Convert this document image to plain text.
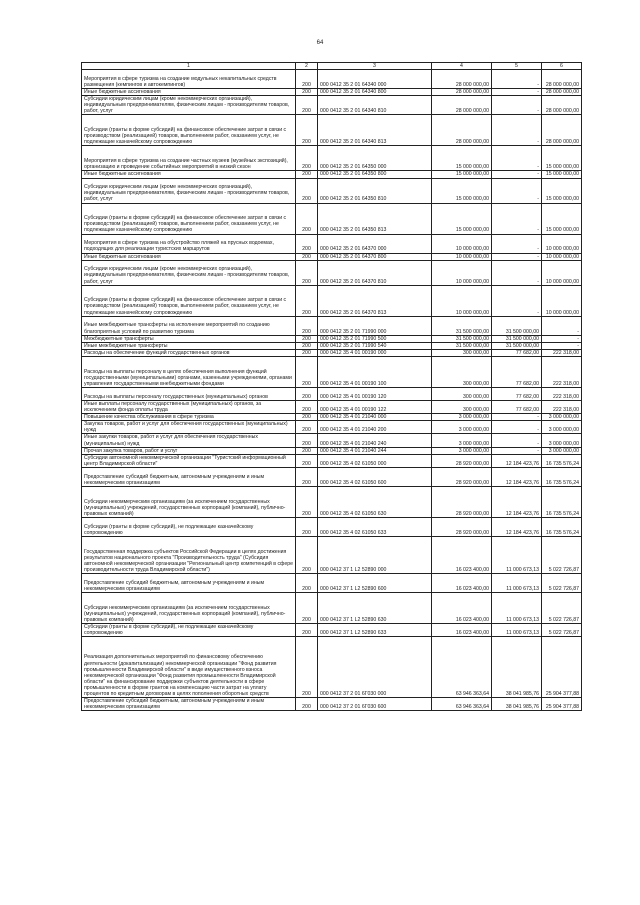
64
1	2	3	4	5	6
Мероприятия в сфере туризма на создание модульных некапитальных средств размещения (кемпингов и автокемпингов)	200	000 0412 35 2 01 64340 000	28 000 000,00	-	28 000 000,00
Иные бюджетные ассигнования	200	000 0412 35 2 01 64340 800	28 000 000,00	-	28 000 000,00
Субсидии юридическим лицам (кроме некоммерческих организаций), индивидуальным предпринимателям, физическим лицам - производителям товаров, работ, услуг	200	000 0412 35 2 01 64340 810	28 000 000,00	-	28 000 000,00
Субсидии (гранты в форме субсидий) на финансовое обеспечение затрат в связи с производством (реализацией) товаров, выполнением работ, оказанием услуг, не подлежащие казначейскому сопровождению	200	000 0412 35 2 01 64340 813	28 000 000,00	-	28 000 000,00
Мероприятия в сфере туризма на создание частных музеев (музейных экспозиций), организацию и проведение событийных мероприятий в низкий сезон	200	000 0412 35 2 01 64350 000	15 000 000,00	-	15 000 000,00
Иные бюджетные ассигнования	200	000 0412 35 2 01 64350 800	15 000 000,00	-	15 000 000,00
Субсидии юридическим лицам (кроме некоммерческих организаций), индивидуальным предпринимателям, физическим лицам - производителям товаров, работ, услуг	200	000 0412 35 2 01 64350 810	15 000 000,00	-	15 000 000,00
Субсидии (гранты в форме субсидий) на финансовое обеспечение затрат в связи с производством (реализацией) товаров, выполнением работ, оказанием услуг, не подлежащие казначейскому сопровождению	200	000 0412 35 2 01 64350 813	15 000 000,00	-	15 000 000,00
Мероприятия в сфере туризма на обустройство пляжей на прусных водоемах, подходящих для реализации туристских маршрутов	200	000 0412 35 2 01 64370 000	10 000 000,00	-	10 000 000,00
Иные бюджетные ассигнования	200	000 0412 35 2 01 64370 800	10 000 000,00	-	10 000 000,00
Субсидии юридическим лицам (кроме некоммерческих организаций), индивидуальным предпринимателям, физическим лицам - производителям товаров, работ, услуг	200	000 0412 35 2 01 64370 810	10 000 000,00	-	10 000 000,00
Субсидии (гранты в форме субсидий) на финансовое обеспечение затрат в связи с производством (реализацией) товаров, выполнением работ, оказанием услуг, не подлежащие казначейскому сопровождению	200	000 0412 35 2 01 64370 813	10 000 000,00	-	10 000 000,00
Иные межбюджетные трансферты на исполнение мероприятий по созданию благоприятных условий по развитию туризма	200	000 0412 35 2 01 71990 000	31 500 000,00	31 500 000,00	-
Межбюджетные трансферты	200	000 0412 35 2 01 71990 500	31 500 000,00	31 500 000,00	-
Иные межбюджетные трансферты	200	000 0412 35 2 01 71990 540	31 500 000,00	31 500 000,00	-
Расходы на обеспечение функций государственных органов	200	000 0412 35 4 01 00190 000	300 000,00	77 682,00	222 318,00
Расходы на выплаты персоналу в целях обеспечения выполнения функций государственными (муниципальными) органами, казенными учреждениями, органами управления государственными внебюджетными фондами	200	000 0412 35 4 01 00190 100	300 000,00	77 682,00	222 318,00
Расходы на выплаты персоналу государственных (муниципальных) органов	200	000 0412 35 4 01 00190 120	300 000,00	77 682,00	222 318,00
Иные выплаты персоналу государственных (муниципальных) органов, за исключением фонда оплаты труда	200	000 0412 35 4 01 00190 122	300 000,00	77 682,00	222 318,00
Повышение качества обслуживания в сфере туризма	200	000 0412 35 4 01 21040 000	3 000 000,00	-	3 000 000,00
Закупка товаров, работ и услуг для обеспечения государственных (муниципальных) нужд	200	000 0412 35 4 01 21040 200	3 000 000,00	-	3 000 000,00
Иные закупки товаров, работ и услуг для обеспечения государственных (муниципальных) нужд	200	000 0412 35 4 01 21040 240	3 000 000,00	-	3 000 000,00
Прочая закупка товаров, работ и услуг	200	000 0412 35 4 01 21040 244	3 000 000,00	-	3 000 000,00
Субсидии автономной некоммерческой организации "Туристский информационный центр Владимирской области"	200	000 0412 35 4 02 61050 000	28 920 000,00	12 184 423,76	16 735 576,24
Предоставление субсидий бюджетным, автономным учреждениям и иным некоммерческим организациям	200	000 0412 35 4 02 61050 600	28 920 000,00	12 184 423,76	16 735 576,24
Субсидии некоммерческим организациям (за исключением государственных (муниципальных) учреждений, государственных корпораций (компаний), публично-правовых компаний)	200	000 0412 35 4 02 61050 630	28 920 000,00	12 184 423,76	16 735 576,24
Субсидии (гранты в форме субсидий), не подлежащие казначейскому сопровождению	200	000 0412 35 4 02 61050 633	28 920 000,00	12 184 423,76	16 735 576,24
Государственная поддержка субъектов Российской Федерации в целях достижения результатов национального проекта "Производительность труда" (Субсидия автономной некоммерческой организации "Региональный центр компетенций в сфере производительности труда Владимирской области")	200	000 0412 37 1 L2 52890 000	16 023 400,00	11 000 673,13	5 022 726,87
Предоставление субсидий бюджетным, автономным учреждениям и иным некоммерческим организациям	200	000 0412 37 1 L2 52890 600	16 023 400,00	11 000 673,13	5 022 726,87
Субсидии некоммерческим организациям (за исключением государственных (муниципальных) учреждений, государственных корпораций (компаний), публично-правовых компаний)	200	000 0412 37 1 L2 52890 630	16 023 400,00	11 000 673,13	5 022 726,87
Субсидии (гранты в форме субсидий), не подлежащие казначейскому сопровождению	200	000 0412 37 1 L2 52890 633	16 023 400,00	11 000 673,13	5 022 726,87
Реализация дополнительных мероприятий по финансовому обеспечению деятельности (докапитализации) некоммерческой организации "Фонд развития промышленности Владимирской области" в виде имущественного взноса некоммерческой организации "Фонд развития промышленности Владимирской области" на финансирование поддержки субъектов деятельности в сфере промышленности в форме грантов на компенсацию части затрат на уплату процентов по кредитным договорам в целях пополнения оборотных средств	200	000 0412 37 2 01 6Г030 000	63 946 363,64	38 041 985,76	25 904 377,88
Предоставление субсидий бюджетным, автономным учреждениям и иным некоммерческим организациям	200	000 0412 37 2 01 6Г030 600	63 946 363,64	38 041 985,76	25 904 377,88
